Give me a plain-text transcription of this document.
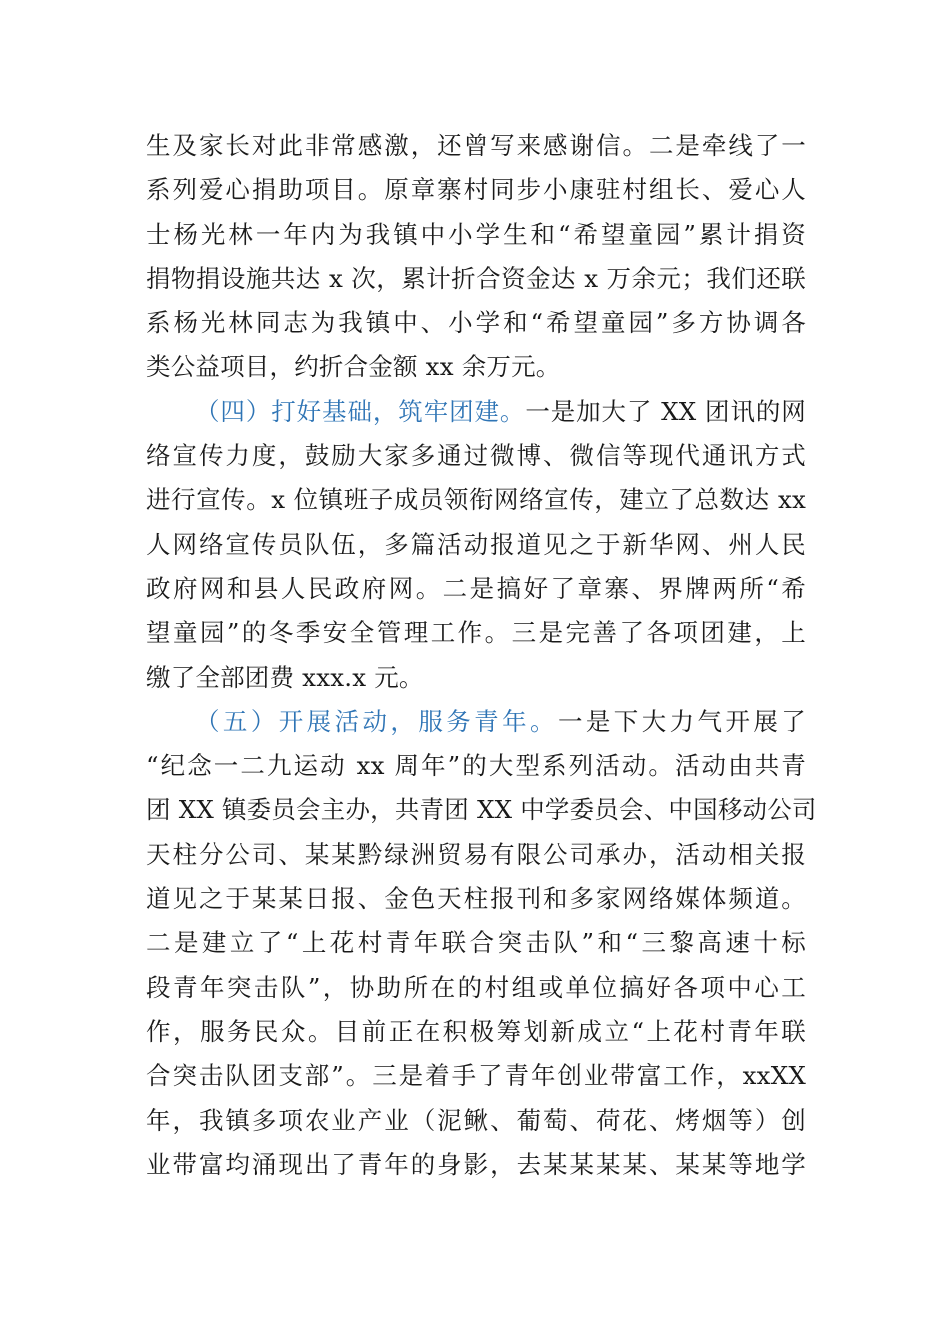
生及家长对此非常感激，还曾写来感谢信。二是牵线了一
系列爱心捐助项目。原章寨村同步小康驻村组长、爱心人
士杨光林一年内为我镇中小学生和“希望童园”累计捐资
捐物捐设施共达 x 次，累计折合资金达 x 万余元；我们还联
系杨光林同志为我镇中、小学和“希望童园”多方协调各
类公益项目，约折合金额 xx 余万元。
（四）打好基础，筑牢团建。一是加大了 XX 团讯的网
络宣传力度，鼓励大家多通过微博、微信等现代通讯方式
进行宣传。x 位镇班子成员领衔网络宣传，建立了总数达 xx
人网络宣传员队伍，多篇活动报道见之于新华网、州人民
政府网和县人民政府网。二是搞好了章寨、界牌两所“希
望童园”的冬季安全管理工作。三是完善了各项团建，上
缴了全部团费 xxx.x 元。
（五）开展活动，服务青年。一是下大力气开展了
“纪念一二九运动 xx 周年”的大型系列活动。活动由共青
团 XX 镇委员会主办，共青团 XX 中学委员会、中国移动公司
天柱分公司、某某黔绿洲贸易有限公司承办，活动相关报
道见之于某某日报、金色天柱报刊和多家网络媒体频道。
二是建立了“上花村青年联合突击队”和“三黎高速十标
段青年突击队”，协助所在的村组或单位搞好各项中心工
作，服务民众。目前正在积极筹划新成立“上花村青年联
合突击队团支部”。三是着手了青年创业带富工作，xxXX
年，我镇多项农业产业（泥鳅、葡萄、荷花、烤烟等）创
业带富均涌现出了青年的身影，去某某某某、某某等地学
